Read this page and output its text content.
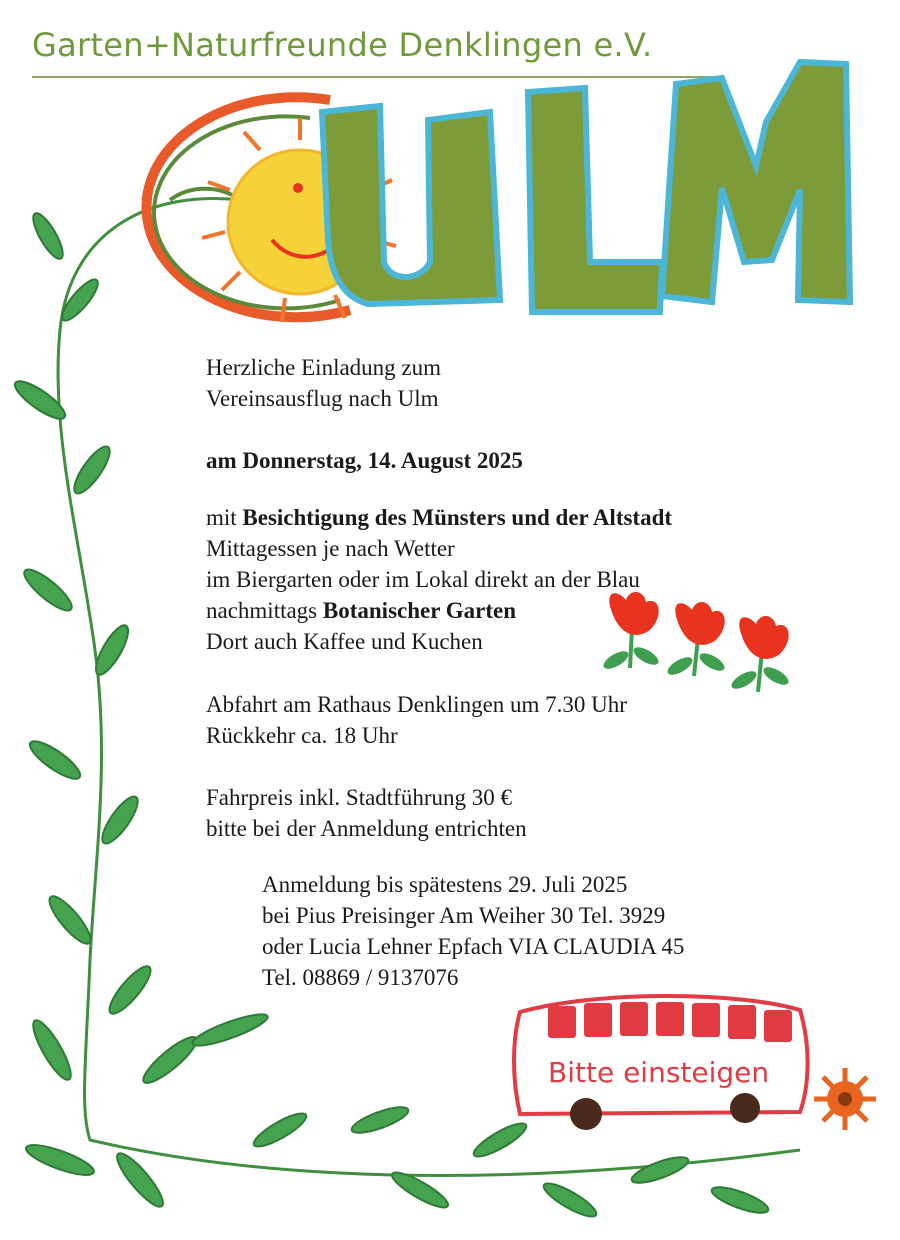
Garten+Naturfreunde Denklingen e.V.
Bitte einsteigen

Herzliche Einladung zum

Vereinsausflug nach Ulm

am Donnerstag, 14. August 2025

mit Besichtigung des Münsters und der Altstadt

Mittagessen je nach Wetter

im Biergarten oder im Lokal direkt an der Blau

nachmittags Botanischer Garten

Dort auch Kaffee und Kuchen

Abfahrt am Rathaus Denklingen um 7.30 Uhr

Rückkehr ca. 18 Uhr

Fahrpreis inkl. Stadtführung 30 €

bitte bei der Anmeldung entrichten

Anmeldung bis spätestens 29. Juli 2025

bei Pius Preisinger Am Weiher 30 Tel. 3929

oder Lucia Lehner Epfach VIA CLAUDIA 45

Tel. 08869 / 9137076
